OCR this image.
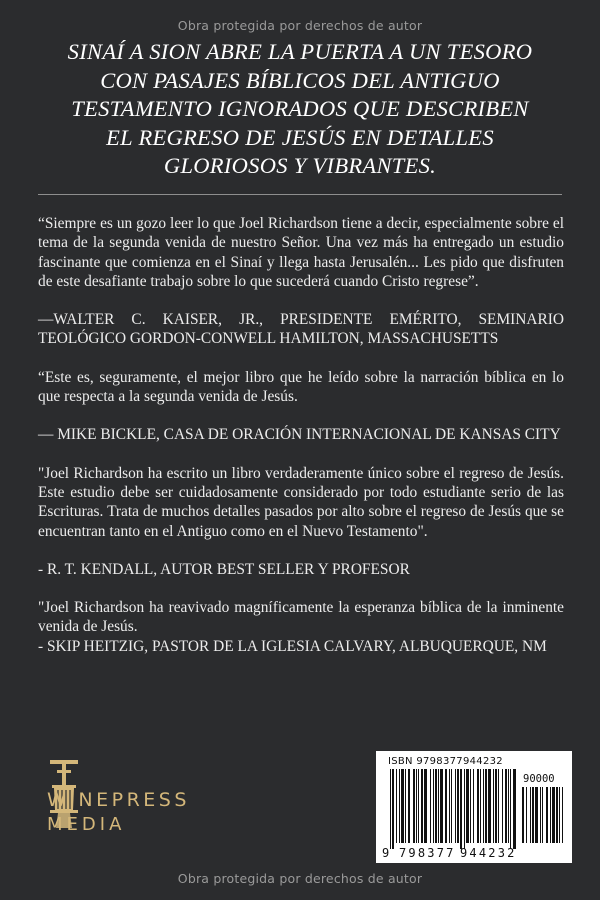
Obra protegida por derechos de autor
SINAÍ A SION ABRE LA PUERTA A UN TESORO
CON PASAJES BÍBLICOS DEL ANTIGUO
TESTAMENTO IGNORADOS QUE DESCRIBEN
EL REGRESO DE JESÚS EN DETALLES
GLORIOSOS Y VIBRANTES.

“Siempre es un gozo leer lo que Joel Richardson tiene a decir, especialmente sobre el tema de la segunda venida de nuestro Señor. Una vez más ha entregado un estudio fascinante que comienza en el Sinaí y llega hasta Jerusalén... Les pido que disfruten de este desafiante trabajo sobre lo que sucederá cuando Cristo regrese”.

—WALTER C. KAISER, JR., PRESIDENTE EMÉRITO, SEMINARIO TEOLÓGICO GORDON-CONWELL HAMILTON, MASSACHUSETTS

“Este es, seguramente, el mejor libro que he leído sobre la narración bíblica en lo que respecta a la segunda venida de Jesús.

— MIKE BICKLE, CASA DE ORACIÓN INTERNACIONAL DE KANSAS CITY

"Joel Richardson ha escrito un libro verdaderamente único sobre el regreso de Jesús. Este estudio debe ser cuidadosamente considerado por todo estudiante serio de las Escrituras. Trata de muchos detalles pasados por alto sobre el regreso de Jesús que se encuentran tanto en el Antiguo como en el Nuevo Testamento".

- R. T. KENDALL, AUTOR BEST SELLER Y PROFESOR

"Joel Richardson ha reavivado magníficamente la esperanza bíblica de la inminente venida de Jesús.

- SKIP HEITZIG, PASTOR DE LA IGLESIA CALVARY, ALBUQUERQUE, NM

WINEPRESS
MEDIA
ISBN 9798377944232
90000
9 798377 944232
Obra protegida por derechos de autor
